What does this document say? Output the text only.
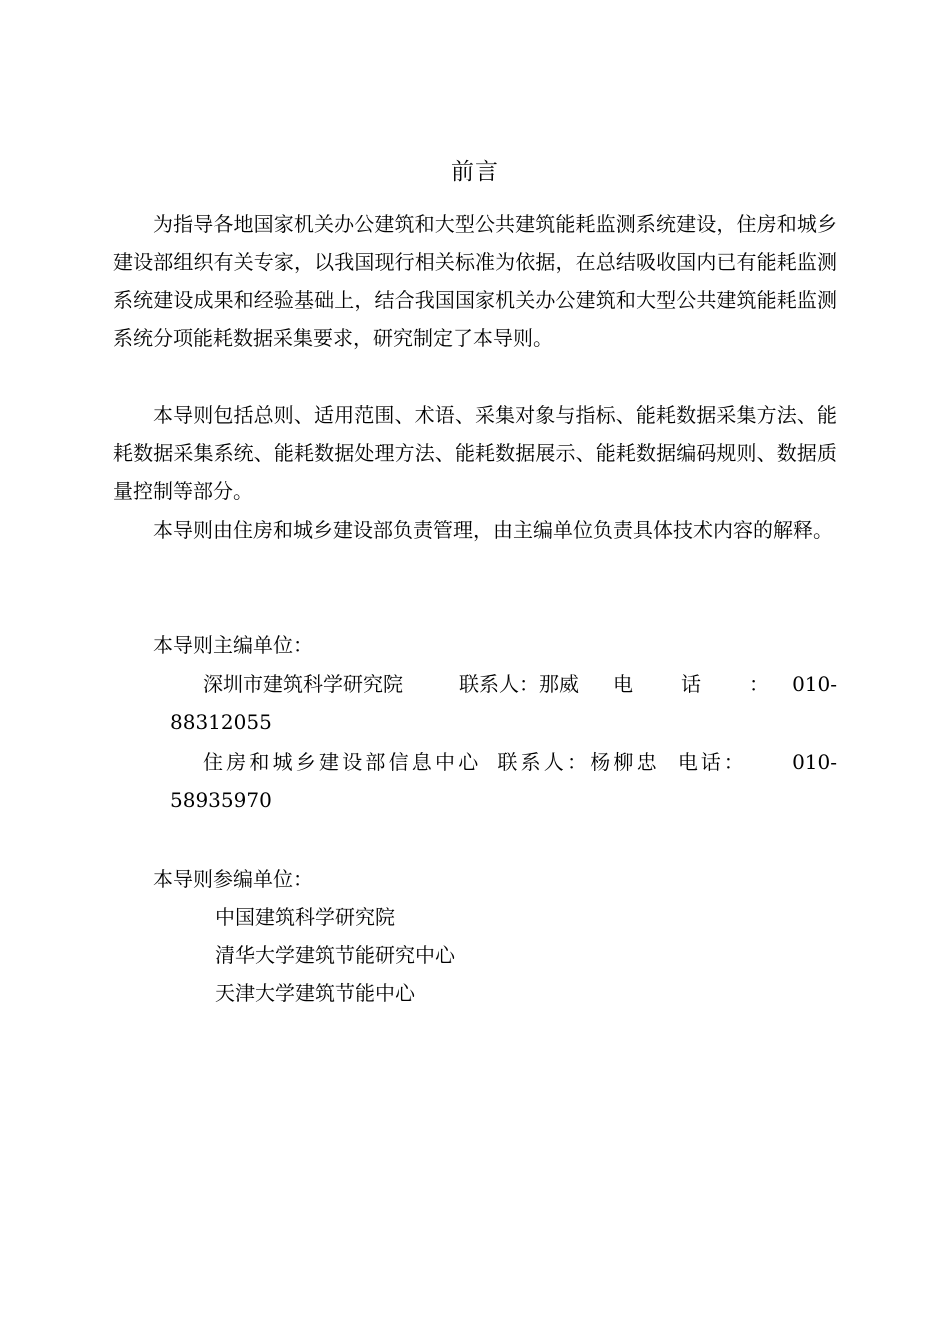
前言
为指导各地国家机关办公建筑和大型公共建筑能耗监测系统建设，住房和城乡建设部组织有关专家，以我国现行相关标准为依据，在总结吸收国内已有能耗监测系统建设成果和经验基础上，结合我国国家机关办公建筑和大型公共建筑能耗监测系统分项能耗数据采集要求，研究制定了本导则。
本导则包括总则、适用范围、术语、采集对象与指标、能耗数据采集方法、能耗数据采集系统、能耗数据处理方法、能耗数据展示、能耗数据编码规则、数据质量控制等部分。
本导则由住房和城乡建设部负责管理，由主编单位负责具体技术内容的解释。
本导则主编单位：
深圳市建筑科学研究院	联系人：那威 电　话　： 010-
88312055
住房和城乡建设部信息中心 联系人：杨柳忠 电话： 010-
58935970
本导则参编单位：
中国建筑科学研究院
清华大学建筑节能研究中心
天津大学建筑节能中心
